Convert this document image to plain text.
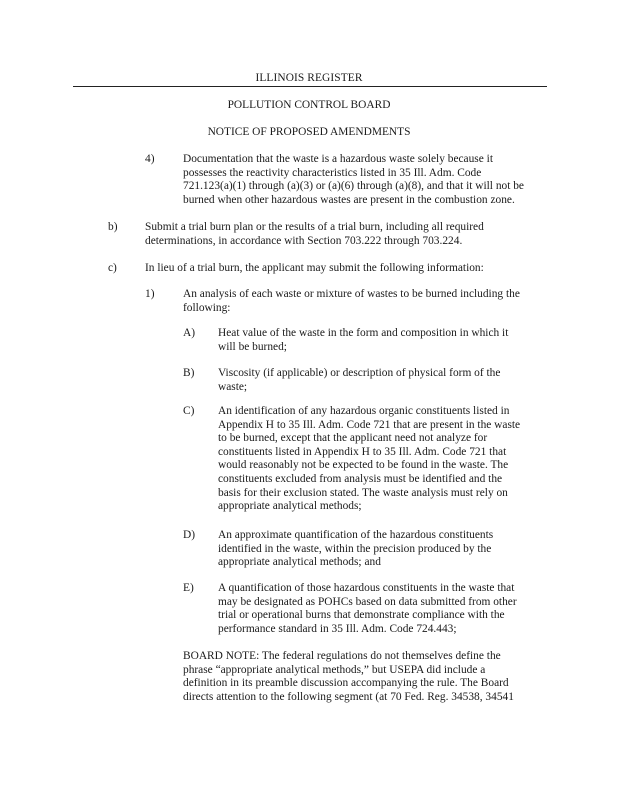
ILLINOIS REGISTER
POLLUTION CONTROL BOARD
NOTICE OF PROPOSED AMENDMENTS
4)	Documentation that the waste is a hazardous waste solely because it
possesses the reactivity characteristics listed in 35 Ill. Adm. Code
721.123(a)(1) through (a)(3) or (a)(6) through (a)(8), and that it will not be
burned when other hazardous wastes are present in the combustion zone.
b) Submit a trial burn plan or the results of a trial burn, including all required
determinations, in accordance with Section 703.222 through 703.224.
c) In lieu of a trial burn, the applicant may submit the following information:
1)	An analysis of each waste or mixture of wastes to be burned including the
following:
A) Heat value of the waste in the form and composition in which it
will be burned;
B) Viscosity (if applicable) or description of physical form of the
waste;
C) An identification of any hazardous organic constituents listed in
Appendix H to 35 Ill. Adm. Code 721 that are present in the waste
to be burned, except that the applicant need not analyze for
constituents listed in Appendix H to 35 Ill. Adm. Code 721 that
would reasonably not be expected to be found in the waste. The
constituents excluded from analysis must be identified and the
basis for their exclusion stated. The waste analysis must rely on
appropriate analytical methods;
D) An approximate quantification of the hazardous constituents
identified in the waste, within the precision produced by the
appropriate analytical methods; and
E) A quantification of those hazardous constituents in the waste that
may be designated as POHCs based on data submitted from other
trial or operational burns that demonstrate compliance with the
performance standard in 35 Ill. Adm. Code 724.443;
BOARD NOTE: The federal regulations do not themselves define the
phrase “appropriate analytical methods,” but USEPA did include a
definition in its preamble discussion accompanying the rule. The Board
directs attention to the following segment (at 70 Fed. Reg. 34538, 34541
